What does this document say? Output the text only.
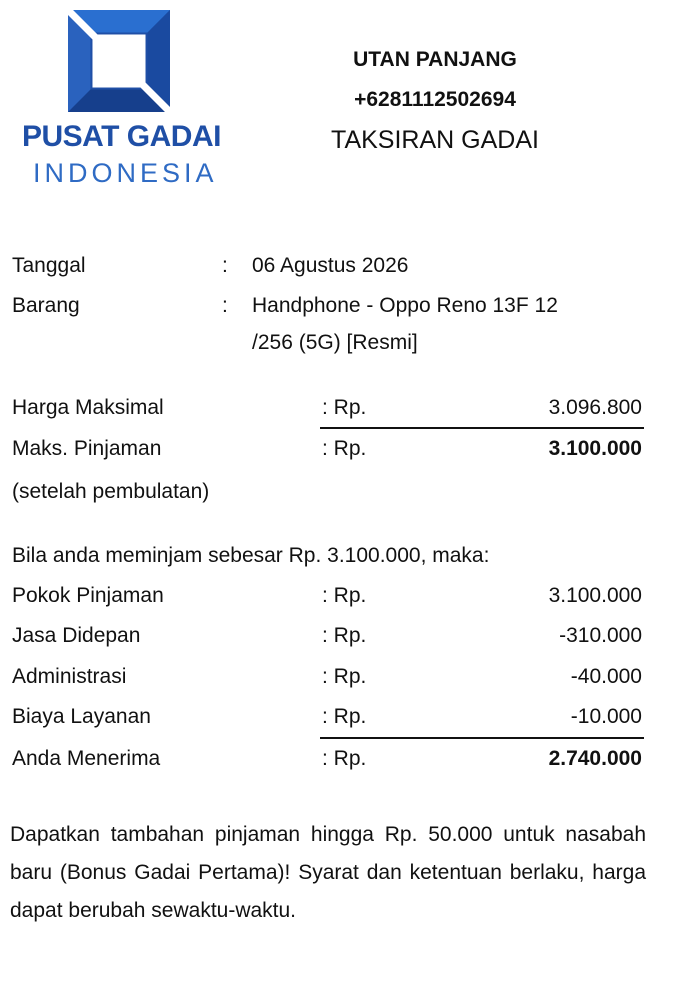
PUSAT GADAI
INDONESIA
UTAN PANJANG
+6281112502694
TAKSIRAN GADAI
Tanggal	: 06 Agustus 2026
Barang	: Handphone - Oppo Reno 13F 12
/256 (5G) [Resmi]
Harga Maksimal	: Rp.	3.096.800
Maks. Pinjaman	: Rp.	3.100.000
(setelah pembulatan)
Bila anda meminjam sebesar Rp. 3.100.000, maka:
Pokok Pinjaman	: Rp.	3.100.000
Jasa Didepan	: Rp.	-310.000
Administrasi	: Rp.	-40.000
Biaya Layanan	: Rp.	-10.000
Anda Menerima	: Rp.	2.740.000
Dapatkan tambahan pinjaman hingga Rp. 50.000 untuk nasabah baru (Bonus Gadai Pertama)! Syarat dan ketentuan berlaku, harga dapat berubah sewaktu-waktu.
